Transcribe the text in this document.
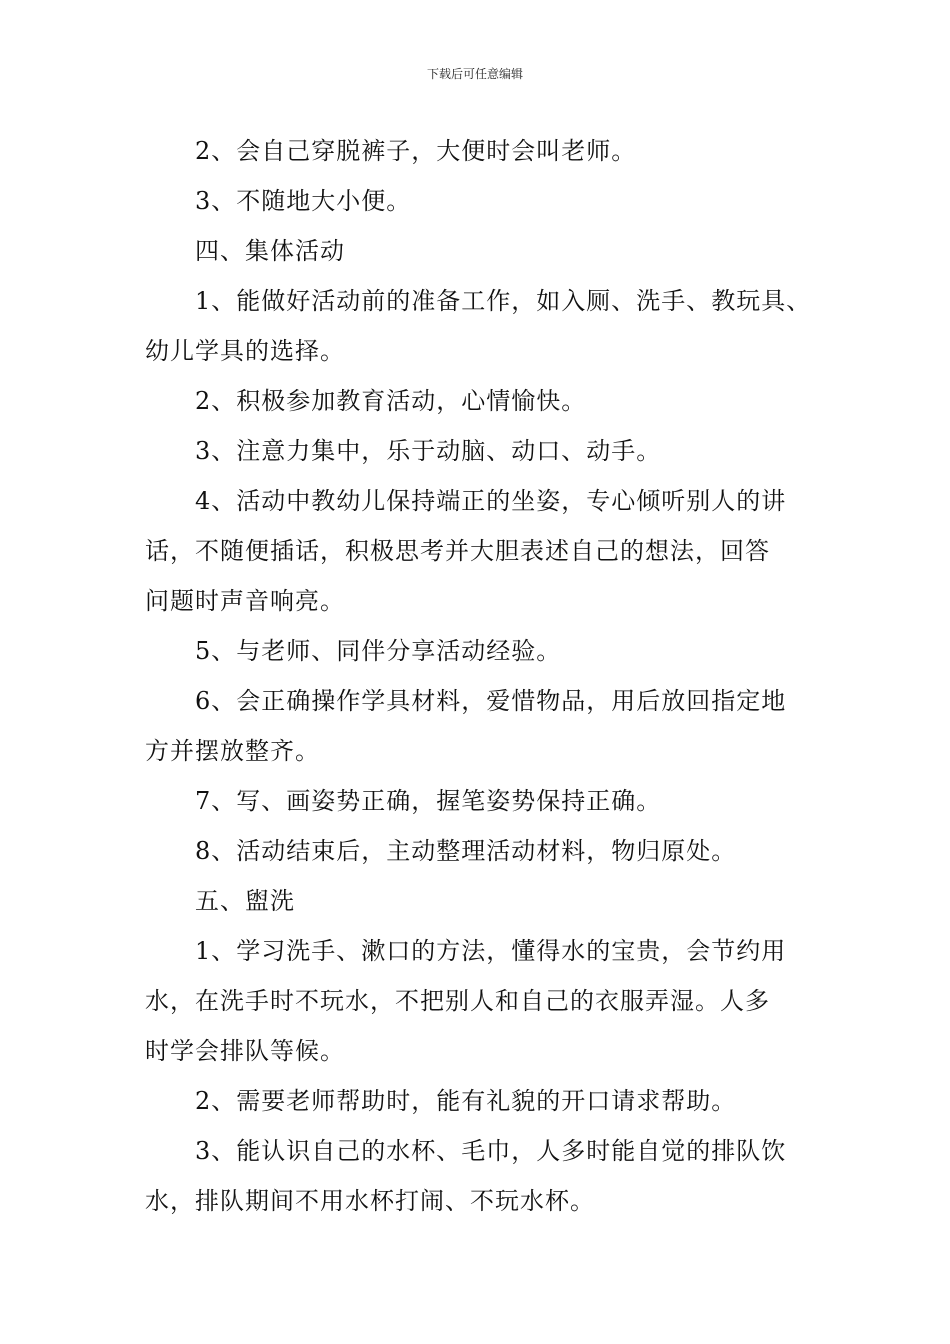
下载后可任意编辑

2、会自己穿脱裤子，大便时会叫老师。

3、不随地大小便。

四、集体活动

1、能做好活动前的准备工作，如入厕、洗手、教玩具、
幼儿学具的选择。

2、积极参加教育活动，心情愉快。

3、注意力集中，乐于动脑、动口、动手。

4、活动中教幼儿保持端正的坐姿，专心倾听别人的讲
话，不随便插话，积极思考并大胆表述自己的想法，回答
问题时声音响亮。

5、与老师、同伴分享活动经验。

6、会正确操作学具材料，爱惜物品，用后放回指定地
方并摆放整齐。

7、写、画姿势正确，握笔姿势保持正确。

8、活动结束后，主动整理活动材料，物归原处。

五、盥洗

1、学习洗手、漱口的方法，懂得水的宝贵，会节约用
水，在洗手时不玩水，不把别人和自己的衣服弄湿。人多
时学会排队等候。

2、需要老师帮助时，能有礼貌的开口请求帮助。

3、能认识自己的水杯、毛巾，人多时能自觉的排队饮
水，排队期间不用水杯打闹、不玩水杯。
